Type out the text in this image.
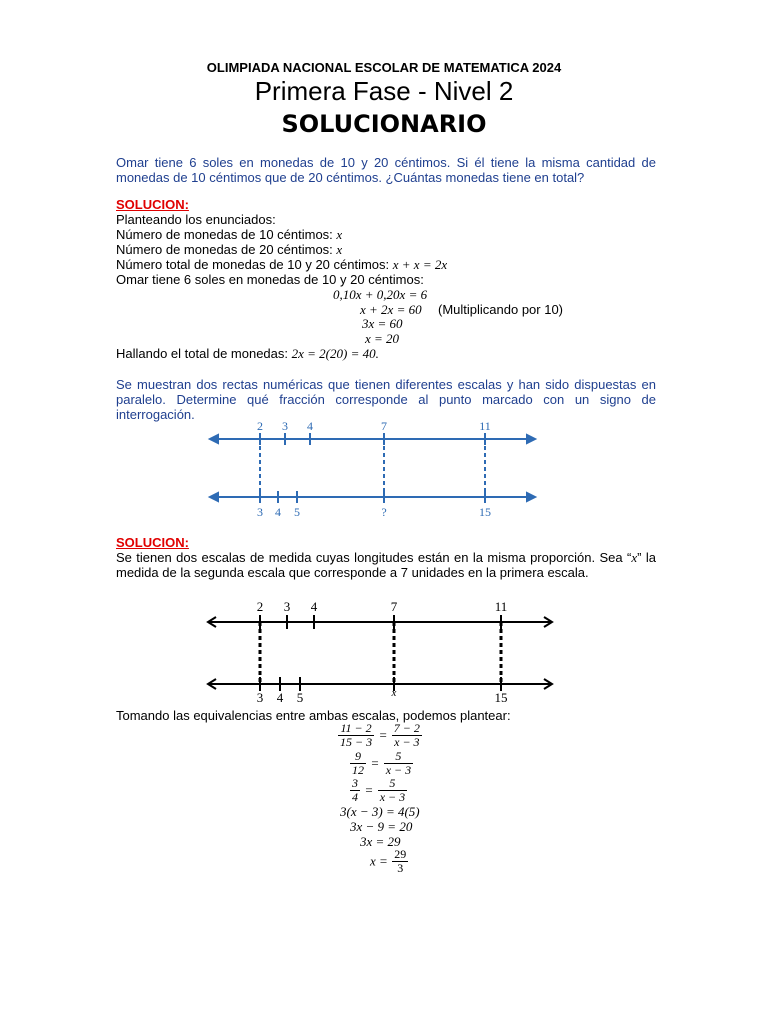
OLIMPIADA NACIONAL ESCOLAR DE MATEMATICA 2024
Primera Fase - Nivel 2
SOLUCIONARIO
Omar tiene 6 soles en monedas de 10 y 20 céntimos. Si él tiene la misma cantidad de monedas de 10 céntimos que de 20 céntimos. ¿Cuántas monedas tiene en total?
SOLUCION:
Planteando los enunciados:
Número de monedas de 10 céntimos: x
Número de monedas de 20 céntimos: x
Número total de monedas de 10 y 20 céntimos: x + x = 2x
Omar tiene 6 soles en monedas de 10 y 20 céntimos:
0,10x + 0,20x = 6
x + 2x = 60 (Multiplicando por 10)
3x = 60
x = 20
Hallando el total de monedas: 2x = 2(20) = 40.
Se muestran dos rectas numéricas que tienen diferentes escalas y han sido dispuestas en paralelo. Determine qué fracción corresponde al punto marcado con un signo de interrogación.
2 3 4	7	11
3 4 5	?	15
SOLUCION:
Se tienen dos escalas de medida cuyas longitudes están en la misma proporción. Sea “x” la medida de la segunda escala que corresponde a 7 unidades en la primera escala.
2 3 4	7	11
3 4 5	x	15
Tomando las equivalencias entre ambas escalas, podemos plantear:
$\frac{11 - 2}{15 - 3} = \frac{7 - 2}{x - 3}$
$\frac{9}{12} = \frac{5}{x - 3}$
$\frac{3}{4} = \frac{5}{x - 3}$
3(x − 3) = 4(5)
3x − 9 = 20
3x = 29
$x = \frac{29}{3}$
